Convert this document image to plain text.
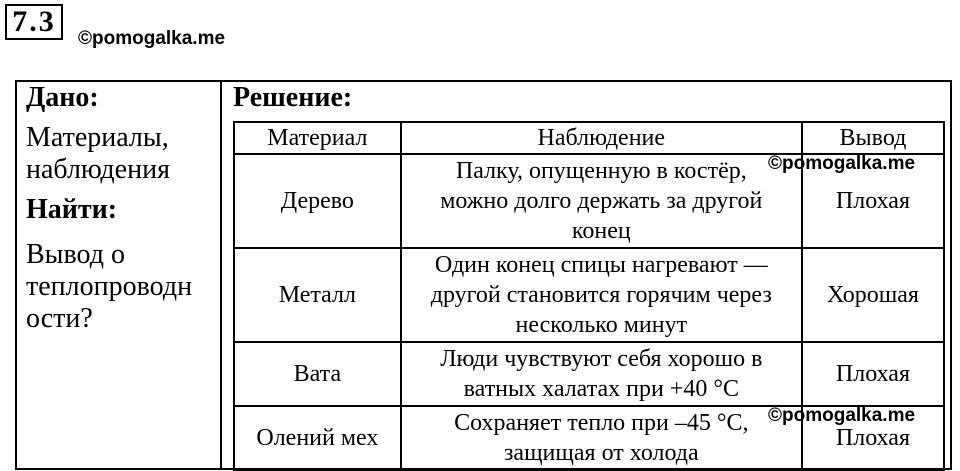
7.3
©pomogalka.me
Дано:
Материалы,
наблюдения
Найти:
Вывод о
теплопроводн
ости?
Решение:
Материал	Наблюдение	Вывод
Дерево	Палку, опущенную в костёр,
можно долго держать за другой
конец	Плохая
Металл	Один конец спицы нагревают —
другой становится горячим через
несколько минут	Хорошая
Вата	Люди чувствуют себя хорошо в
ватных халатах при +40 °С	Плохая
Олений мех	Сохраняет тепло при –45 °С,
защищая от холода	Плохая
©pomogalka.me
©pomogalka.me
